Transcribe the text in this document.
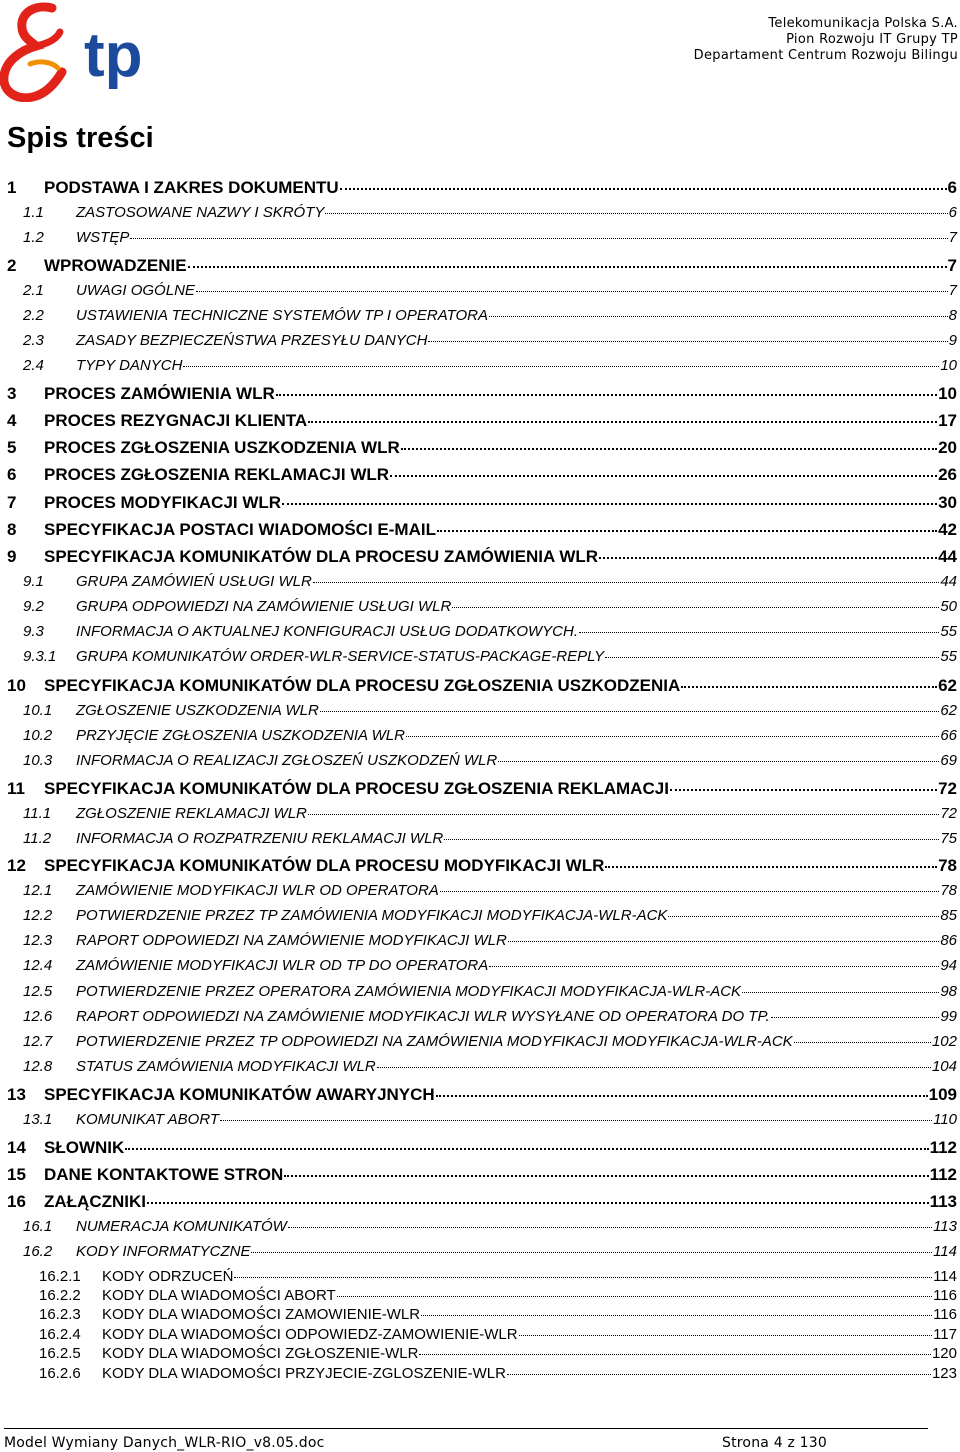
tp	Telekomunikacja Polska S.A.
Pion Rozwoju IT Grupy TP
Departament Centrum Rozwoju Bilingu
Spis treści
1	PODSTAWA I ZAKRES DOKUMENTU	6
1.1	ZASTOSOWANE NAZWY I SKRÓTY	6
1.2	WSTĘP	7
2	WPROWADZENIE	7
2.1	UWAGI OGÓLNE	7
2.2	USTAWIENIA TECHNICZNE SYSTEMÓW TP I OPERATORA	8
2.3	ZASADY BEZPIECZEŃSTWA PRZESYŁU DANYCH	9
2.4	TYPY DANYCH	10
3	PROCES ZAMÓWIENIA WLR	10
4	PROCES REZYGNACJI KLIENTA	17
5	PROCES ZGŁOSZENIA USZKODZENIA WLR	20
6	PROCES ZGŁOSZENIA REKLAMACJI WLR	26
7	PROCES MODYFIKACJI WLR	30
8	SPECYFIKACJA POSTACI WIADOMOŚCI E-MAIL	42
9	SPECYFIKACJA KOMUNIKATÓW DLA PROCESU ZAMÓWIENIA WLR	44
9.1	GRUPA ZAMÓWIEŃ USŁUGI WLR	44
9.2	GRUPA ODPOWIEDZI NA ZAMÓWIENIE USŁUGI WLR	50
9.3	INFORMACJA O AKTUALNEJ KONFIGURACJI USŁUG DODATKOWYCH.	55
9.3.1	GRUPA KOMUNIKATÓW ORDER-WLR-SERVICE-STATUS-PACKAGE-REPLY	55
10	SPECYFIKACJA KOMUNIKATÓW DLA PROCESU ZGŁOSZENIA USZKODZENIA	62
10.1	ZGŁOSZENIE USZKODZENIA WLR	62
10.2	PRZYJĘCIE ZGŁOSZENIA USZKODZENIA WLR	66
10.3	INFORMACJA O REALIZACJI ZGŁOSZEŃ USZKODZEŃ WLR	69
11	SPECYFIKACJA KOMUNIKATÓW DLA PROCESU ZGŁOSZENIA REKLAMACJI	72
11.1	ZGŁOSZENIE REKLAMACJI WLR	72
11.2	INFORMACJA O ROZPATRZENIU REKLAMACJI WLR	75
12	SPECYFIKACJA KOMUNIKATÓW DLA PROCESU MODYFIKACJI WLR	78
12.1	ZAMÓWIENIE MODYFIKACJI WLR OD OPERATORA	78
12.2	POTWIERDZENIE PRZEZ TP ZAMÓWIENIA MODYFIKACJI MODYFIKACJA-WLR-ACK	85
12.3	RAPORT ODPOWIEDZI NA ZAMÓWIENIE MODYFIKACJI WLR	86
12.4	ZAMÓWIENIE MODYFIKACJI WLR OD TP DO OPERATORA	94
12.5	POTWIERDZENIE PRZEZ OPERATORA ZAMÓWIENIA MODYFIKACJI MODYFIKACJA-WLR-ACK	98
12.6	RAPORT ODPOWIEDZI NA ZAMÓWIENIE MODYFIKACJI WLR WYSYŁANE OD OPERATORA DO TP.	99
12.7	POTWIERDZENIE PRZEZ TP ODPOWIEDZI NA ZAMÓWIENIA MODYFIKACJI MODYFIKACJA-WLR-ACK	102
12.8	STATUS ZAMÓWIENIA MODYFIKACJI WLR	104
13	SPECYFIKACJA KOMUNIKATÓW AWARYJNYCH	109
13.1	KOMUNIKAT ABORT	110
14	SŁOWNIK	112
15	DANE KONTAKTOWE STRON	112
16	ZAŁĄCZNIKI	113
16.1	NUMERACJA KOMUNIKATÓW	113
16.2	KODY INFORMATYCZNE	114
16.2.1	KODY ODRZUCEŃ	114
16.2.2	KODY DLA WIADOMOŚCI ABORT	116
16.2.3	KODY DLA WIADOMOŚCI ZAMOWIENIE-WLR	116
16.2.4	KODY DLA WIADOMOŚCI ODPOWIEDZ-ZAMOWIENIE-WLR	117
16.2.5	KODY DLA WIADOMOŚCI ZGŁOSZENIE-WLR	120
16.2.6	KODY DLA WIADOMOŚCI PRZYJECIE-ZGLOSZENIE-WLR	123
Model Wymiany Danych_WLR-RIO_v8.05.doc	Strona 4 z 130
